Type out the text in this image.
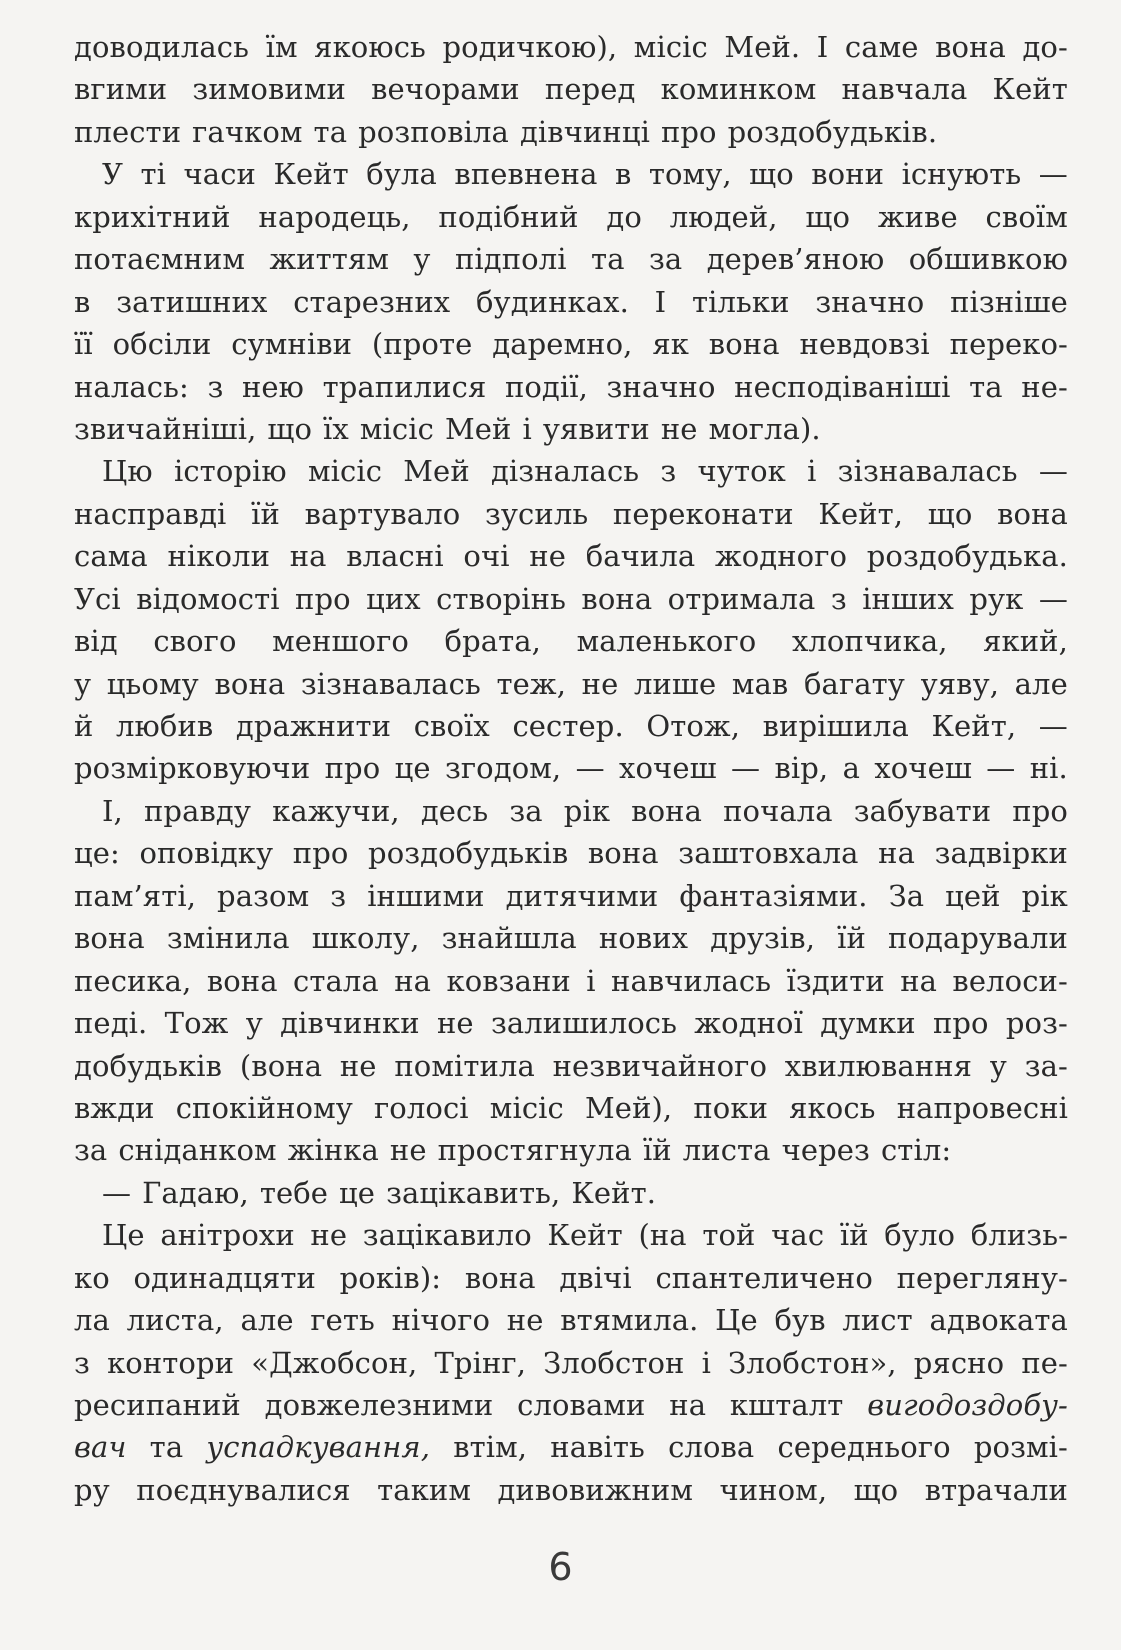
доводилась їм якоюсь родичкою), місіс Мей. І саме вона до-
вгими зимовими вечорами перед коминком навчала Кейт
плести гачком та розповіла дівчинці про роздобудьків.
У ті часи Кейт була впевнена в тому, що вони існують —
крихітний народець, подібний до людей, що живе своїм
потаємним життям у підполі та за дерев’яною обшивкою
в затишних старезних будинках. І тільки значно пізніше
її обсіли сумніви (проте даремно, як вона невдовзі переко-
налась: з нею трапилися події, значно несподіваніші та не-
звичайніші, що їх місіс Мей і уявити не могла).
Цю історію місіс Мей дізналась з чуток і зізнавалась —
насправді їй вартувало зусиль переконати Кейт, що вона
сама ніколи на власні очі не бачила жодного роздобудька.
Усі відомості про цих створінь вона отримала з інших рук —
від свого меншого брата, маленького хлопчика, який,
у цьому вона зізнавалась теж, не лише мав багату уяву, але
й любив дражнити своїх сестер. Отож, вирішила Кейт, —
розмірковуючи про це згодом, — хочеш — вір, а хочеш — ні.
І, правду кажучи, десь за рік вона почала забувати про
це: оповідку про роздобудьків вона заштовхала на задвірки
пам’яті, разом з іншими дитячими фантазіями. За цей рік
вона змінила школу, знайшла нових друзів, їй подарували
песика, вона стала на ковзани і навчилась їздити на велоси-
педі. Тож у дівчинки не залишилось жодної думки про роз-
добудьків (вона не помітила незвичайного хвилювання у за-
вжди спокійному голосі місіс Мей), поки якось напровесні
за сніданком жінка не простягнула їй листа через стіл:
— Гадаю, тебе це зацікавить, Кейт.
Це анітрохи не зацікавило Кейт (на той час їй було близь-
ко одинадцяти років): вона двічі спантеличено перегляну-
ла листа, але геть нічого не втямила. Це був лист адвоката
з контори «Джобсон, Трінг, Злобстон і Злобстон», рясно пе-
ресипаний довжелезними словами на кшталт вигодоздобу-
вач та успадкування, втім, навіть слова середнього розмі-
ру поєднувалися таким дивовижним чином, що втрачали
6
